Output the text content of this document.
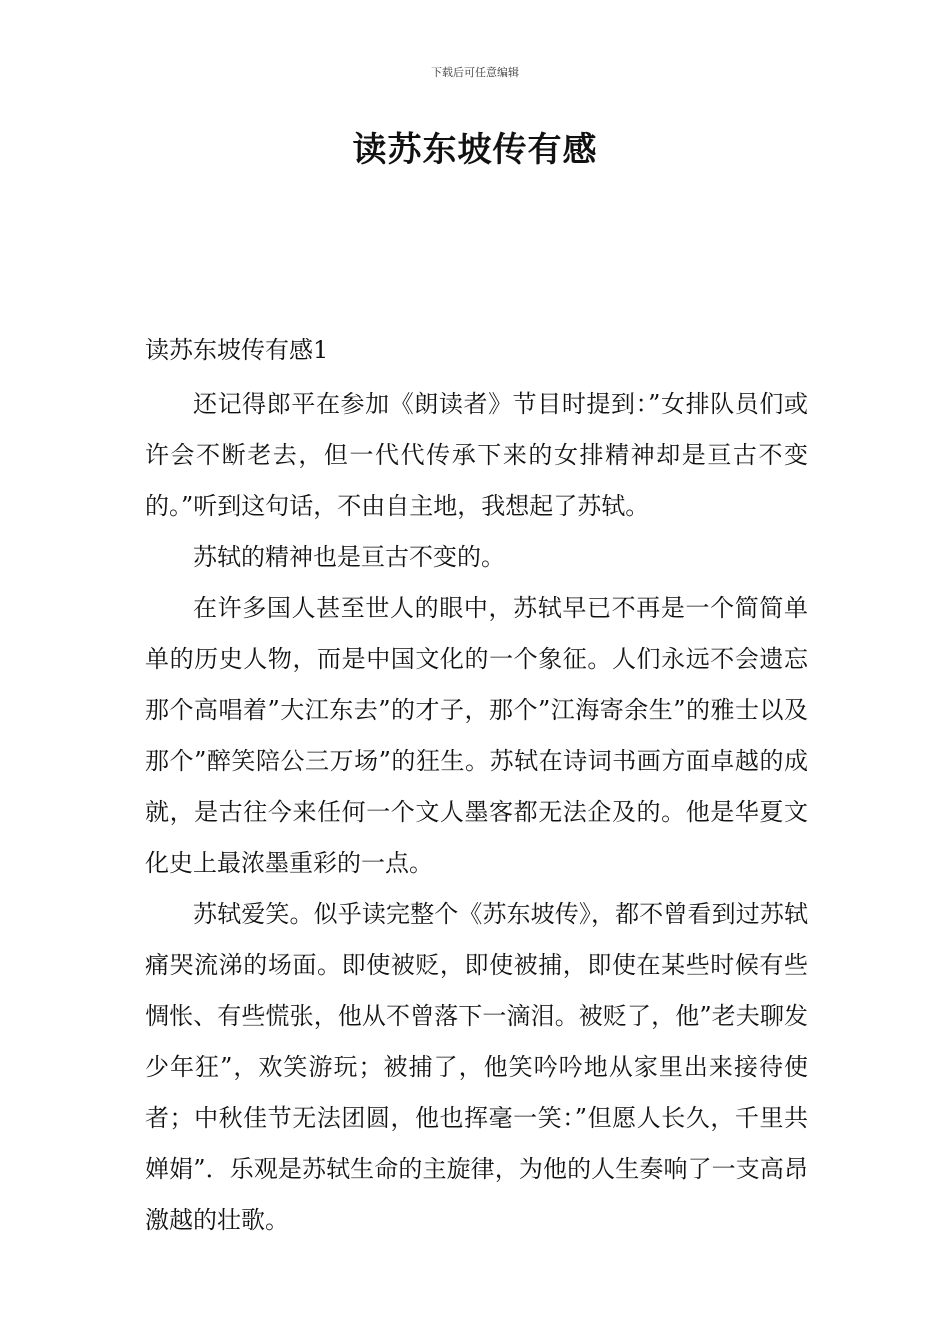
下载后可任意编辑
读苏东坡传有感
读苏东坡传有感1

还记得郎平在参加《朗读者》节目时提到：”女排队员们或许会不断老去，但一代代传承下来的女排精神却是亘古不变的。”听到这句话，不由自主地，我想起了苏轼。

苏轼的精神也是亘古不变的。

在许多国人甚至世人的眼中，苏轼早已不再是一个简简单单的历史人物，而是中国文化的一个象征。人们永远不会遗忘那个高唱着”大江东去”的才子，那个”江海寄余生”的雅士以及那个”醉笑陪公三万场”的狂生。苏轼在诗词书画方面卓越的成就，是古往今来任何一个文人墨客都无法企及的。他是华夏文化史上最浓墨重彩的一点。

苏轼爱笑。似乎读完整个《苏东坡传》，都不曾看到过苏轼痛哭流涕的场面。即使被贬，即使被捕，即使在某些时候有些惆怅、有些慌张，他从不曾落下一滴泪。被贬了，他”老夫聊发少年狂”，欢笑游玩；被捕了，他笑吟吟地从家里出来接待使者；中秋佳节无法团圆，他也挥毫一笑：”但愿人长久，千里共婵娟”．乐观是苏轼生命的主旋律，为他的人生奏响了一支高昂激越的壮歌。
